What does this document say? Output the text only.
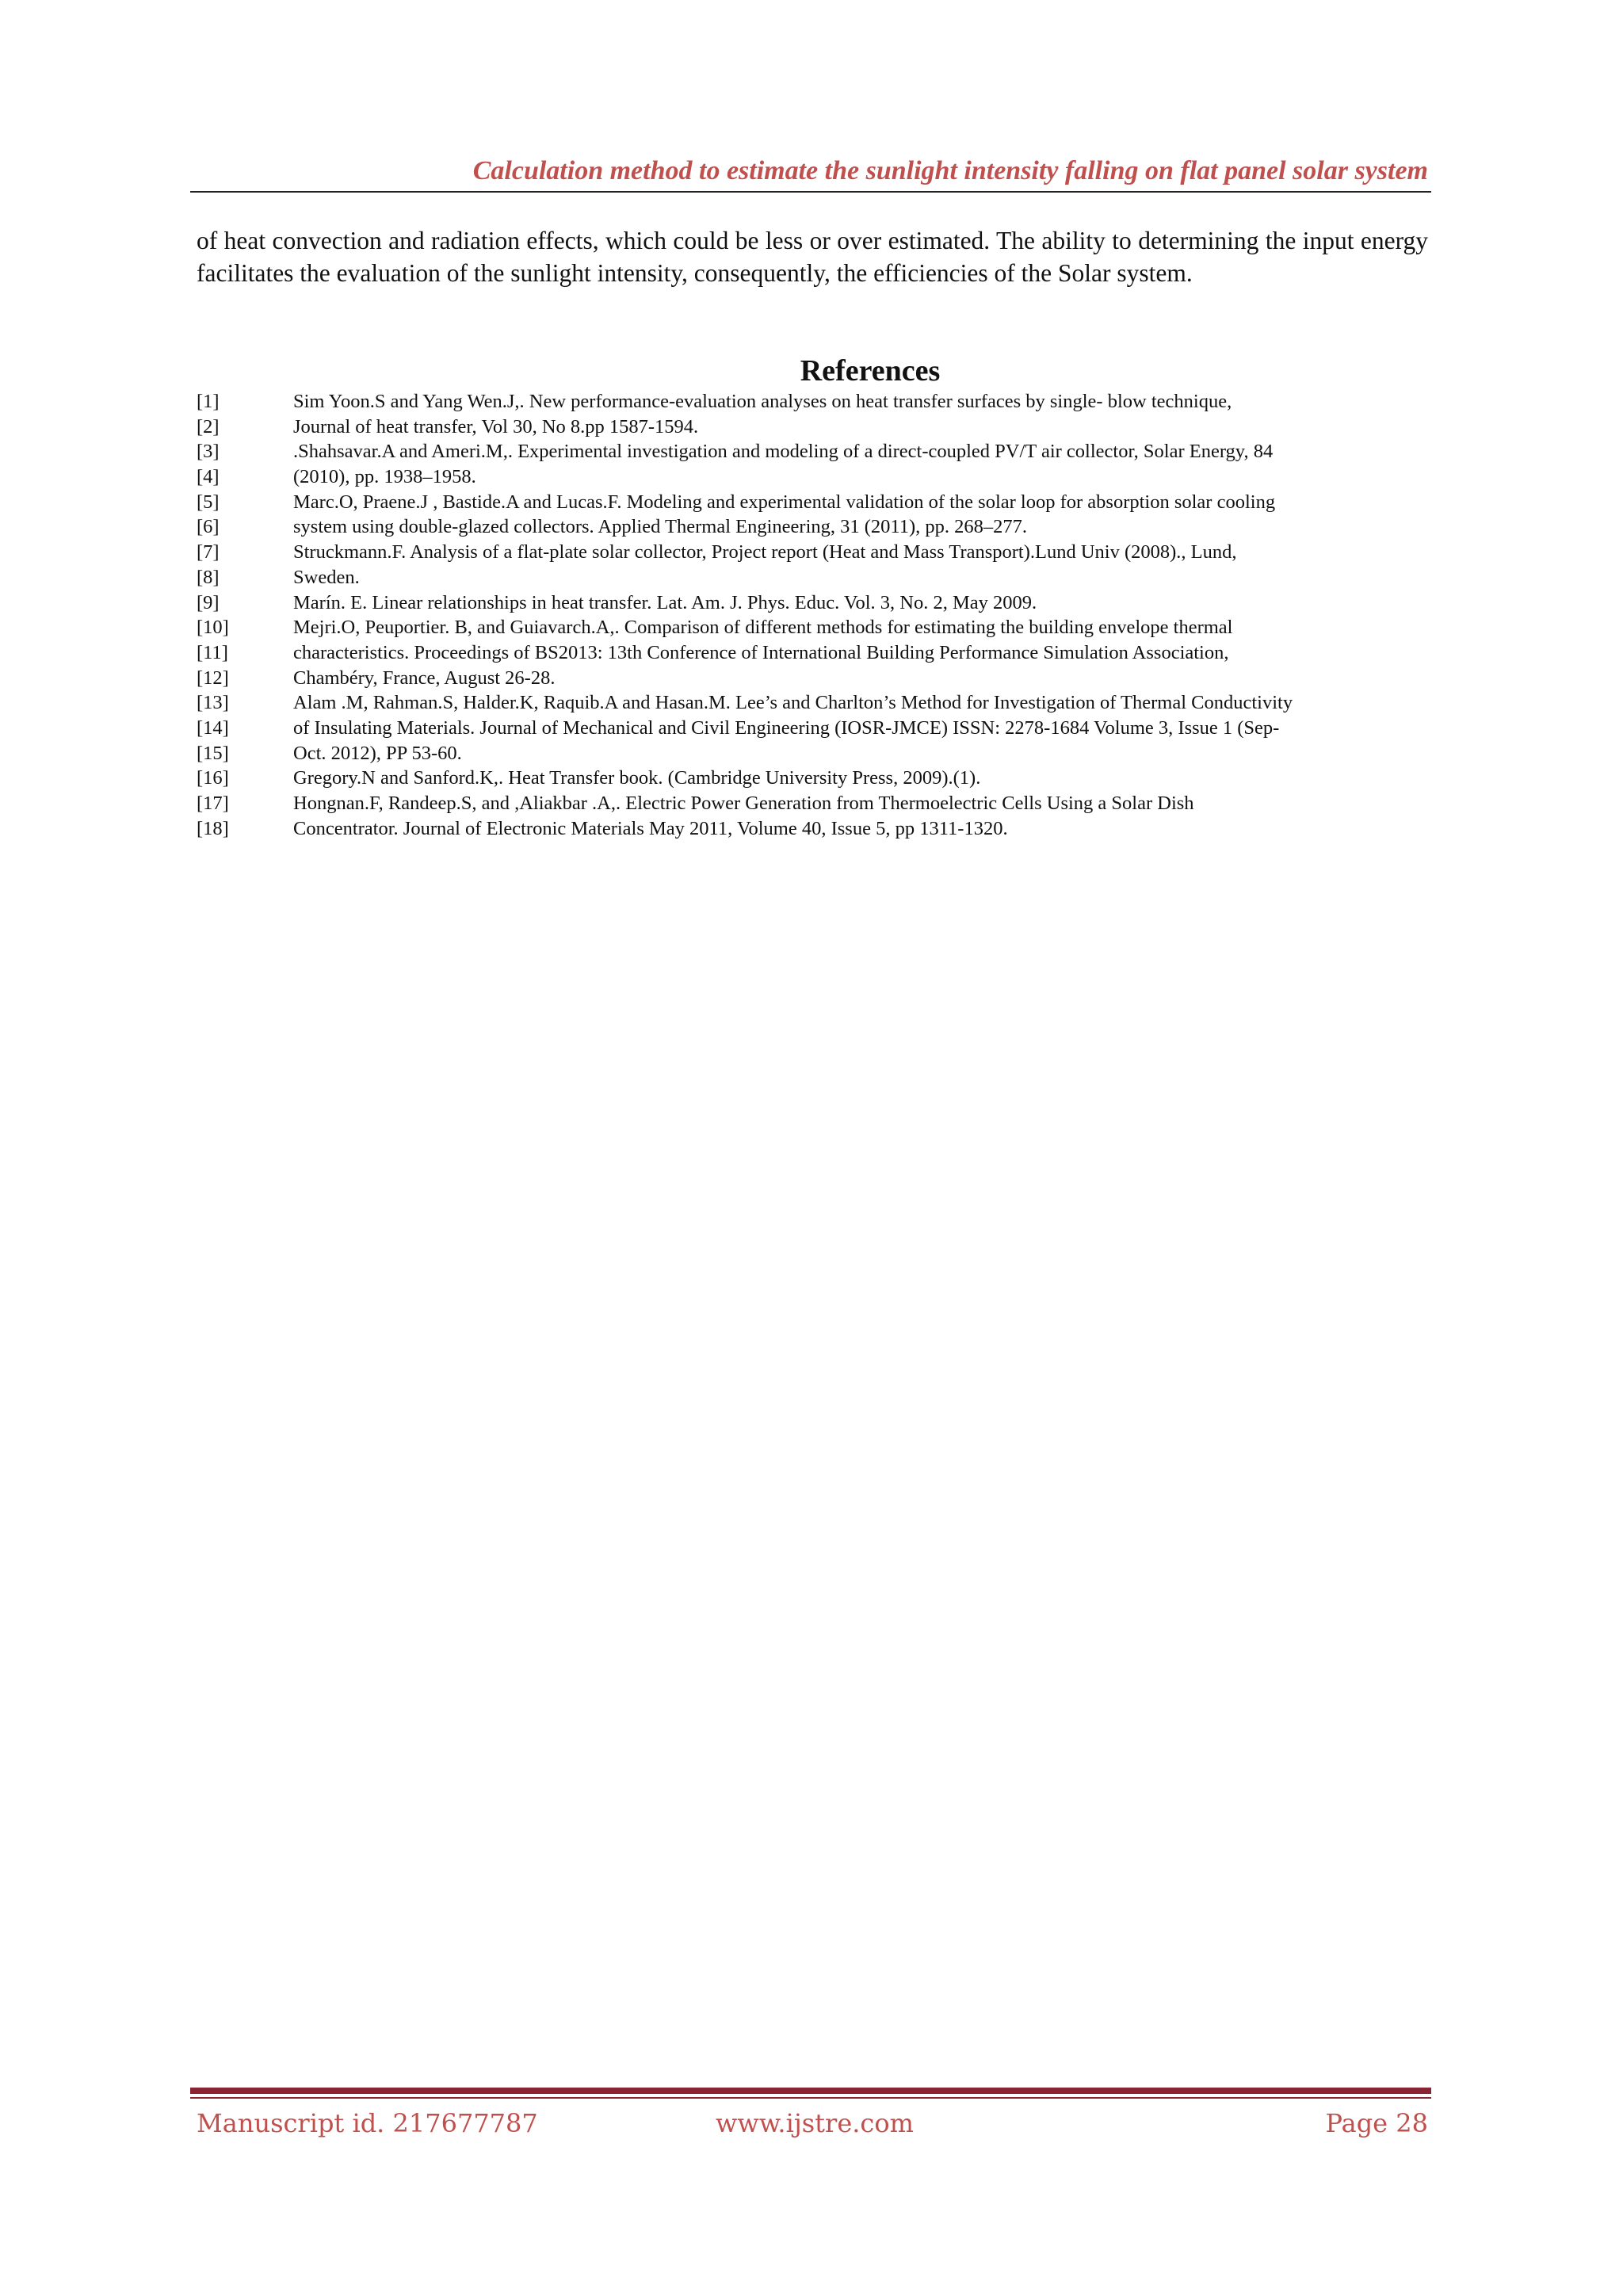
Calculation method to estimate the sunlight intensity falling on flat panel solar system
of heat convection and radiation effects, which could be less or over estimated. The ability to determining the input energy facilitates the evaluation of the sunlight intensity, consequently, the efficiencies of the Solar system.
References
[1]	Sim Yoon.S and Yang Wen.J,. New performance-evaluation analyses on heat transfer surfaces by single- blow technique,
[2]	Journal of heat transfer, Vol 30, No 8.pp 1587-1594.
[3]	.Shahsavar.A and Ameri.M,. Experimental investigation and modeling of a direct-coupled PV/T air collector, Solar Energy, 84
[4]	(2010), pp. 1938–1958.
[5]	Marc.O, Praene.J , Bastide.A and Lucas.F. Modeling and experimental validation of the solar loop for absorption solar cooling
[6]	system using double-glazed collectors. Applied Thermal Engineering, 31 (2011), pp. 268–277.
[7]	Struckmann.F. Analysis of a flat-plate solar collector, Project report (Heat and Mass Transport).Lund Univ (2008)., Lund,
[8]	Sweden.
[9]	Marín. E. Linear relationships in heat transfer. Lat. Am. J. Phys. Educ. Vol. 3, No. 2, May 2009.
[10]	Mejri.O, Peuportier. B, and Guiavarch.A,. Comparison of different methods for estimating the building envelope thermal
[11]	characteristics. Proceedings of BS2013: 13th Conference of International Building Performance Simulation Association,
[12]	Chambéry, France, August 26-28.
[13]	Alam .M, Rahman.S, Halder.K, Raquib.A and Hasan.M. Lee’s and Charlton’s Method for Investigation of Thermal Conductivity
[14]	of Insulating Materials. Journal of Mechanical and Civil Engineering (IOSR-JMCE) ISSN: 2278-1684 Volume 3, Issue 1 (Sep-
[15]	Oct. 2012), PP 53-60.
[16]	Gregory.N and Sanford.K,. Heat Transfer book. (Cambridge University Press, 2009).(1).
[17]	Hongnan.F, Randeep.S, and ,Aliakbar .A,. Electric Power Generation from Thermoelectric Cells Using a Solar Dish
[18]	Concentrator. Journal of Electronic Materials May 2011, Volume 40, Issue 5, pp 1311-1320.
Manuscript id. 217677787	www.ijstre.com	Page 28
